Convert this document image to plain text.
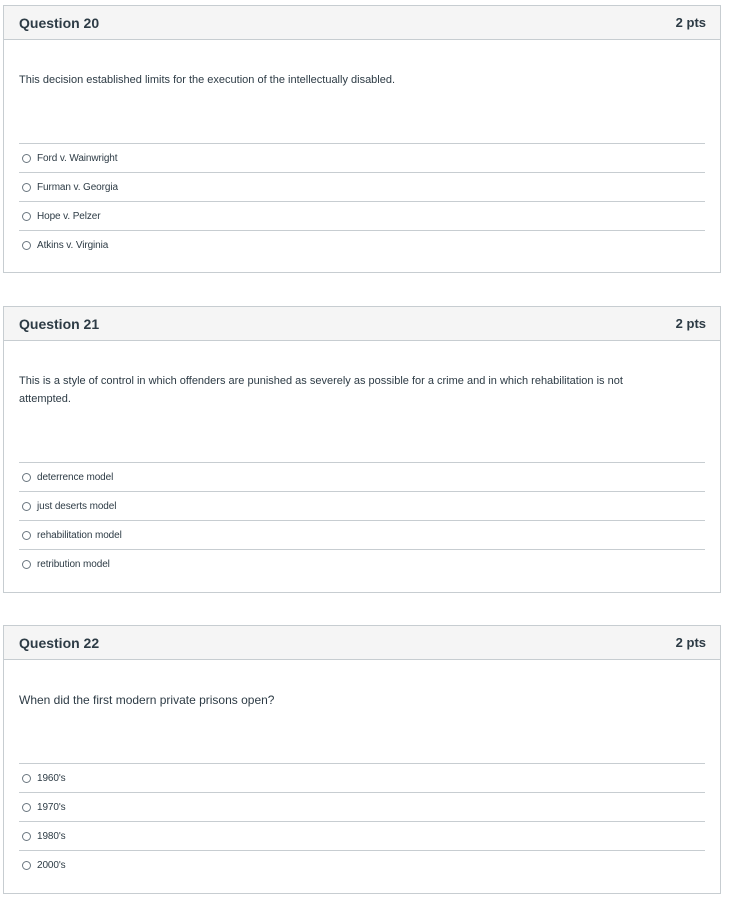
Question 20	2 pts

This decision established limits for the execution of the intellectually disabled.

Ford v. Wainwright
Furman v. Georgia
Hope v. Pelzer
Atkins v. Virginia
Question 21	2 pts

This is a style of control in which offenders are punished as severely as possible for a crime and in which rehabilitation is not attempted.

deterrence model
just deserts model
rehabilitation model
retribution model
Question 22	2 pts

When did the first modern private prisons open?

1960's
1970's
1980's
2000's
